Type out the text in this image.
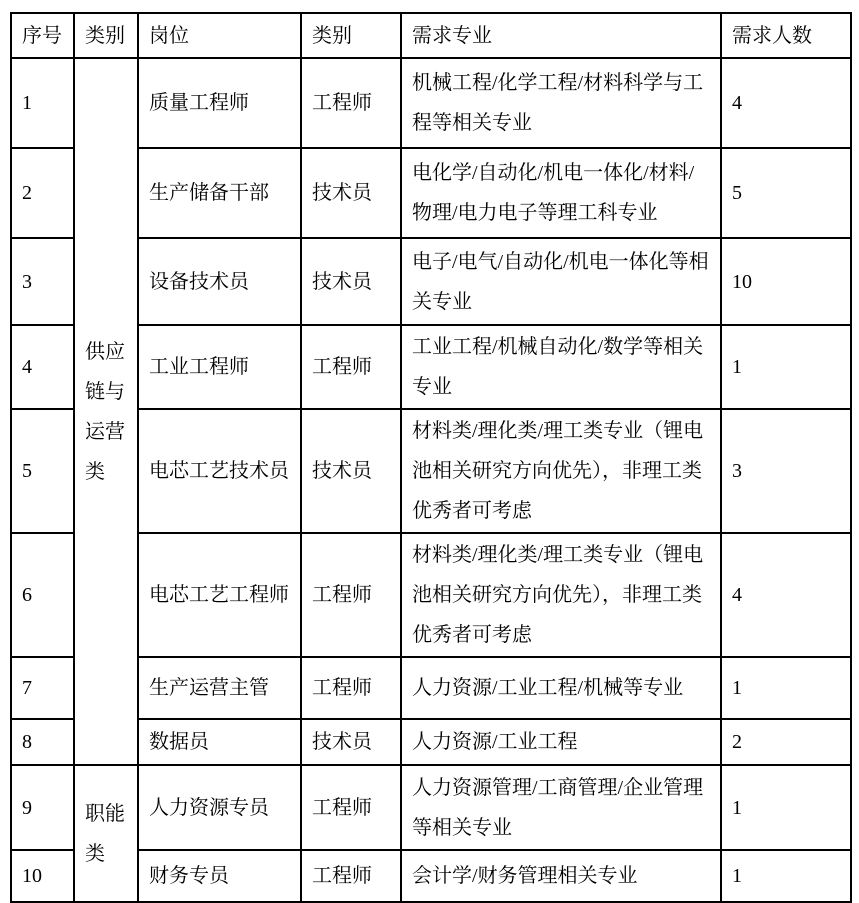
序号	类别	岗位	类别	需求专业	需求人数
1	供应链与运营类	质量工程师	工程师	机械工程/化学工程/材料科学与工程等相关专业	4
2		生产储备干部	技术员	电化学/自动化/机电一体化/材料/物理/电力电子等理工科专业	5
3		设备技术员	技术员	电子/电气/自动化/机电一体化等相关专业	10
4		工业工程师	工程师	工业工程/机械自动化/数学等相关专业	1
5		电芯工艺技术员	技术员	材料类/理化类/理工类专业（锂电池相关研究方向优先），非理工类优秀者可考虑	3
6		电芯工艺工程师	工程师	材料类/理化类/理工类专业（锂电池相关研究方向优先），非理工类优秀者可考虑	4
7		生产运营主管	工程师	人力资源/工业工程/机械等专业	1
8		数据员	技术员	人力资源/工业工程	2
9	职能类	人力资源专员	工程师	人力资源管理/工商管理/企业管理等相关专业	1
10		财务专员	工程师	会计学/财务管理相关专业	1
